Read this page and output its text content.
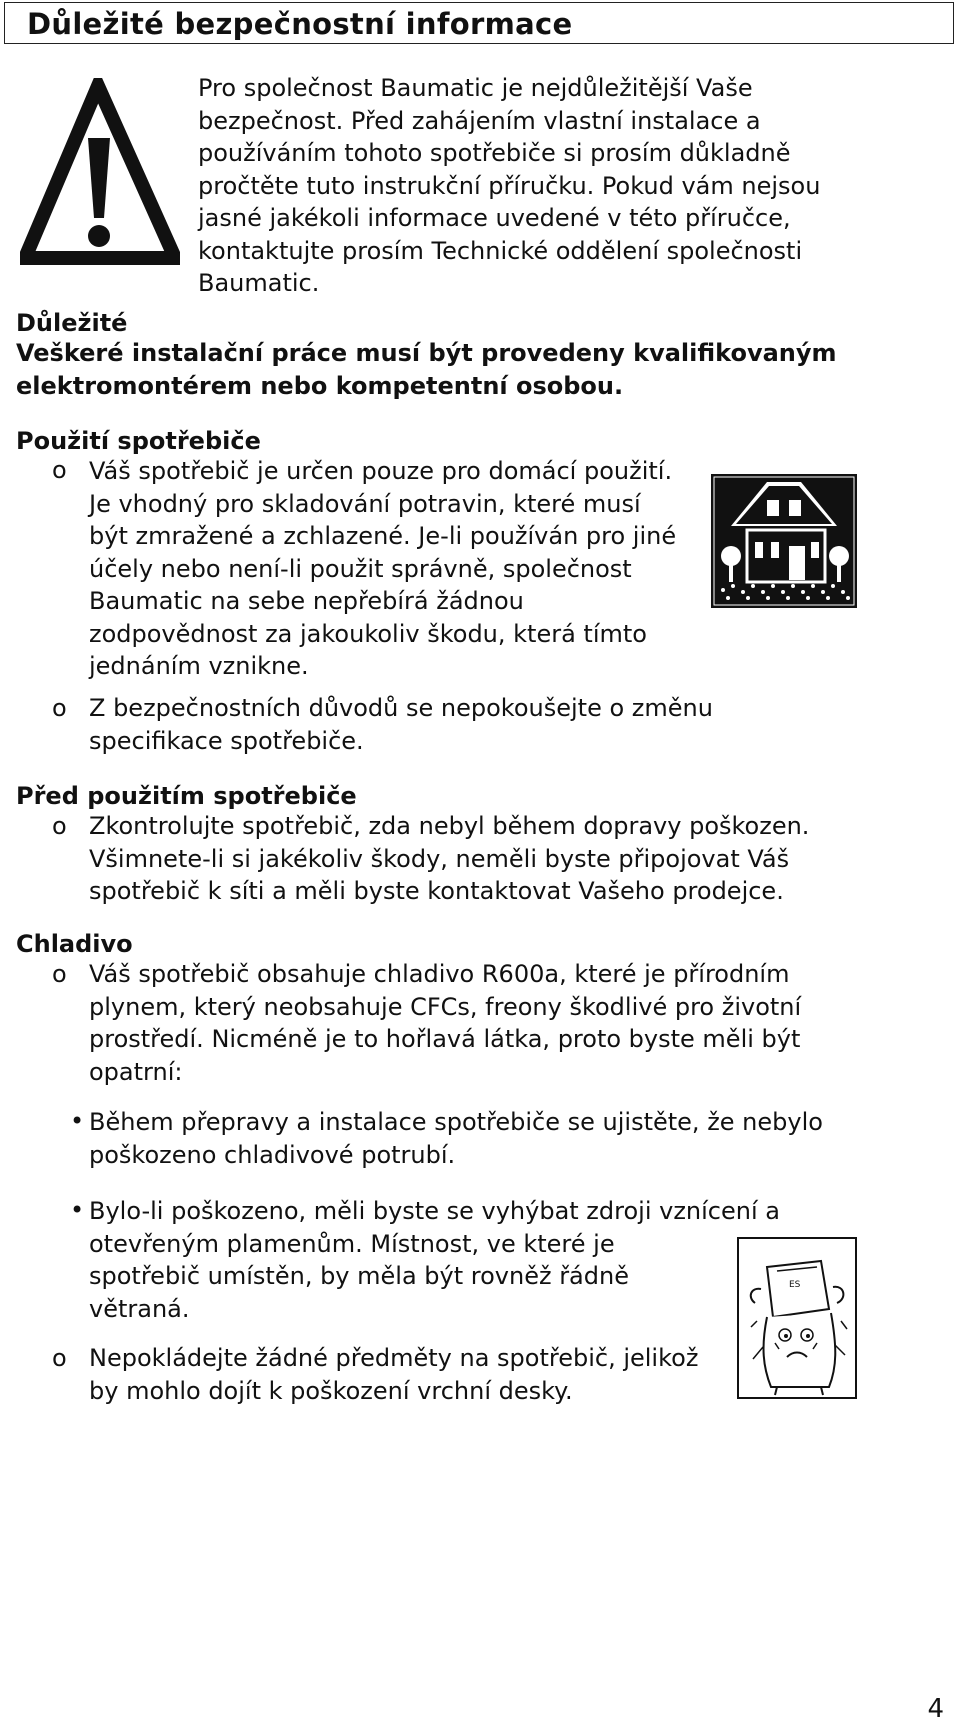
Důležité bezpečnostní informace
Pro společnost Baumatic je nejdůležitější Vaše
bezpečnost. Před zahájením vlastní instalace a
používáním tohoto spotřebiče si prosím důkladně
pročtěte tuto instrukční příručku. Pokud vám nejsou
jasné jakékoli informace uvedené v této příručce,
kontaktujte prosím Technické oddělení společnosti
Baumatic.
Důležité
Veškeré instalační práce musí být provedeny kvalifikovaným
elektromontérem nebo kompetentní osobou.
Použití spotřebiče
o Váš spotřebič je určen pouze pro domácí použití.
Je vhodný pro skladování potravin, které musí
být zmražené a zchlazené. Je-li používán pro jiné
účely nebo není-li použit správně, společnost
Baumatic na sebe nepřebírá žádnou
zodpovědnost za jakoukoliv škodu, která tímto
jednáním vznikne.
o Z bezpečnostních důvodů se nepokoušejte o změnu
specifikace spotřebiče.
Před použitím spotřebiče
o Zkontrolujte spotřebič, zda nebyl během dopravy poškozen.
Všimnete-li si jakékoliv škody, neměli byste připojovat Váš
spotřebič k síti a měli byste kontaktovat Vašeho prodejce.
Chladivo
o Váš spotřebič obsahuje chladivo R600a, které je přírodním
plynem, který neobsahuje CFCs, freony škodlivé pro životní
prostředí. Nicméně je to hořlavá látka, proto byste měli být
opatrní:
• Během přepravy a instalace spotřebiče se ujistěte, že nebylo
poškozeno chladivové potrubí.
• Bylo-li poškozeno, měli byste se vyhýbat zdroji vznícení a
otevřeným plamenům. Místnost, ve které je
spotřebič umístěn, by měla být rovněž řádně
větraná.
ES
o Nepokládejte žádné předměty na spotřebič, jelikož
by mohlo dojít k poškození vrchní desky.
4
